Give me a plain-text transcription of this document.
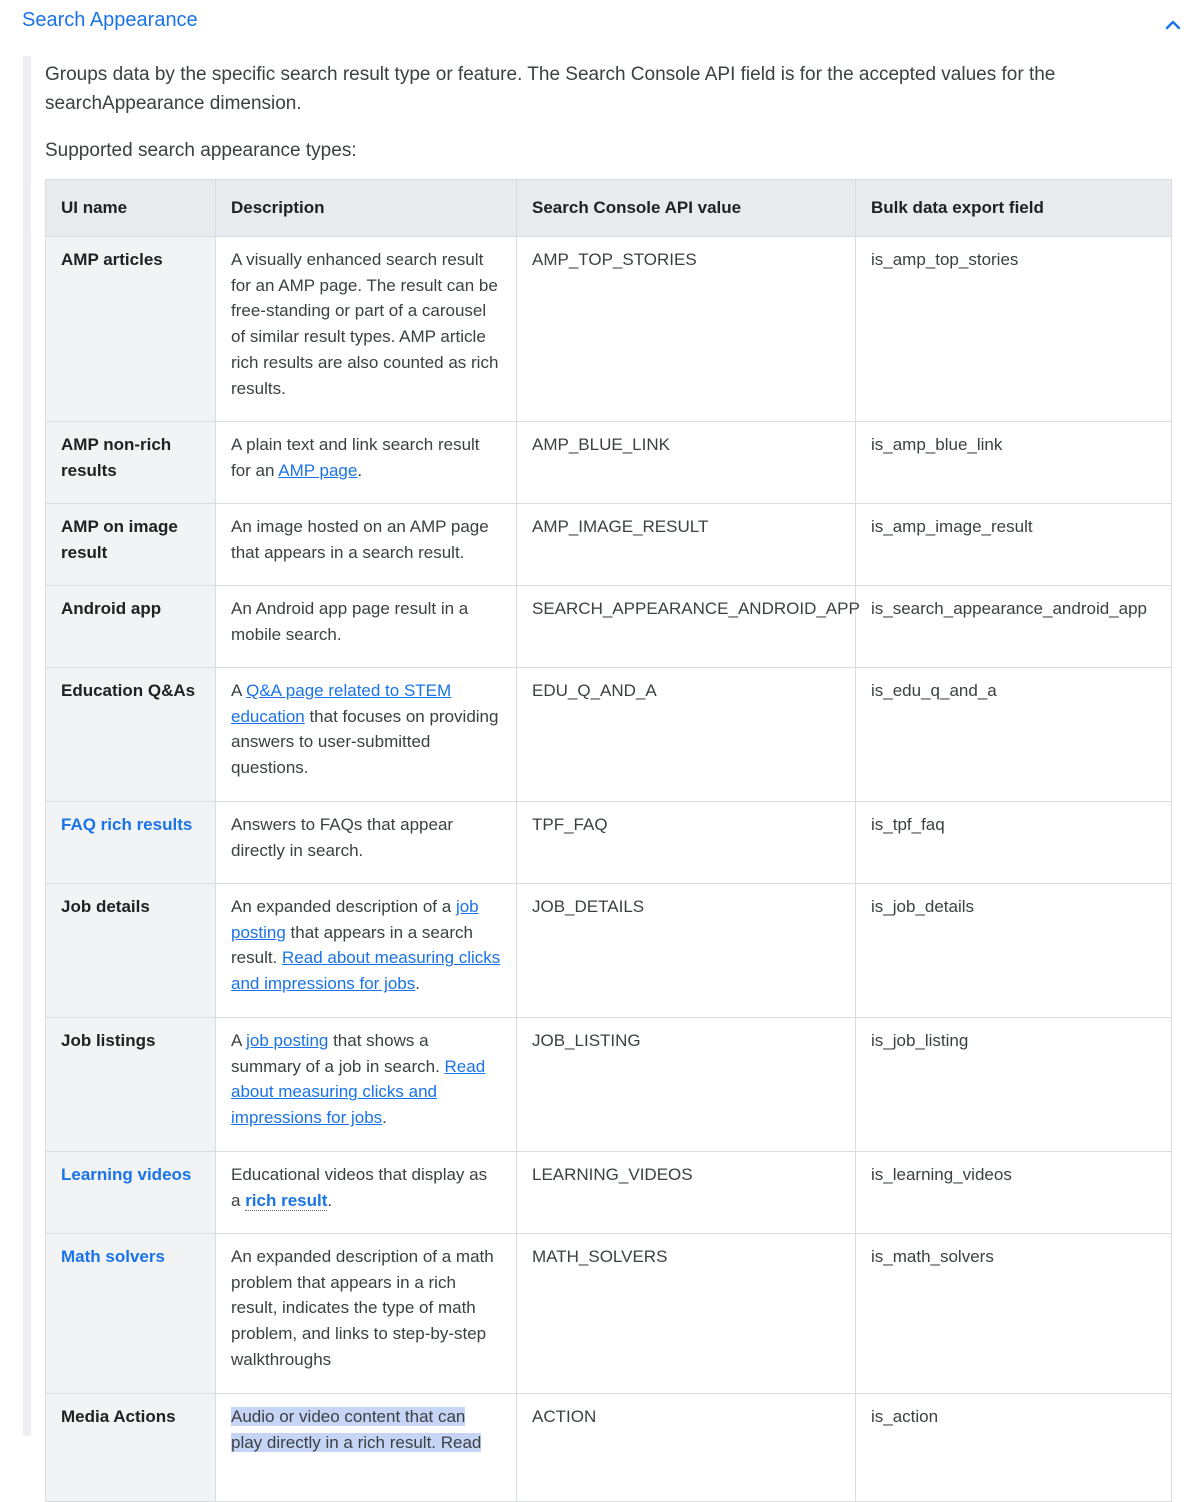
Search Appearance

Groups data by the specific search result type or feature. The Search Console API field is for the accepted values for the searchAppearance dimension.

Supported search appearance types:

UI name	Description	Search Console API value	Bulk data export field
AMP articles	A visually enhanced search result for an AMP page. The result can be free-standing or part of a carousel of similar result types. AMP article rich results are also counted as rich results.	AMP_TOP_STORIES	is_amp_top_stories
AMP non-rich results	A plain text and link search result for an AMP page.	AMP_BLUE_LINK	is_amp_blue_link
AMP on image result	An image hosted on an AMP page that appears in a search result.	AMP_IMAGE_RESULT	is_amp_image_result
Android app	An Android app page result in a mobile search.	SEARCH_APPEARANCE_ANDROID_APP	is_search_appearance_android_app
Education Q&As	A Q&A page related to STEM education that focuses on providing answers to user-submitted questions.	EDU_Q_AND_A	is_edu_q_and_a
FAQ rich results	Answers to FAQs that appear directly in search.	TPF_FAQ	is_tpf_faq
Job details	An expanded description of a job posting that appears in a search result. Read about measuring clicks and impressions for jobs.	JOB_DETAILS	is_job_details
Job listings	A job posting that shows a summary of a job in search. Read about measuring clicks and impressions for jobs.	JOB_LISTING	is_job_listing
Learning videos	Educational videos that display as a rich result.	LEARNING_VIDEOS	is_learning_videos
Math solvers	An expanded description of a math problem that appears in a rich result, indicates the type of math problem, and links to step-by-step walkthroughs	MATH_SOLVERS	is_math_solvers
Media Actions	Audio or video content that can play directly in a rich result. Read	ACTION	is_action
